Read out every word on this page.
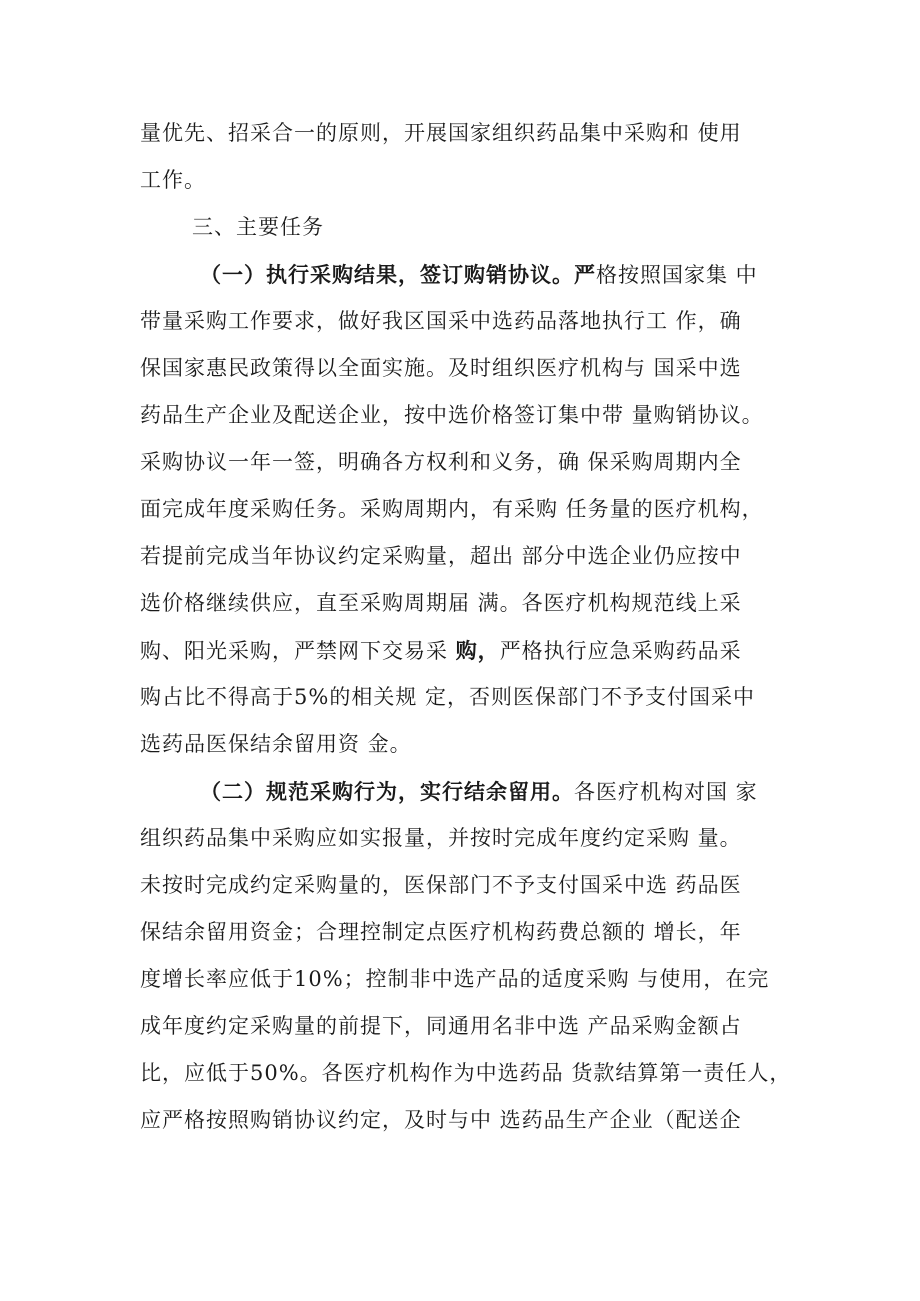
量优先、招采合一的原则，开展国家组织药品集中采购和 使用
工作。
三、主要任务
（一）执行采购结果，签订购销协议。严格按照国家集 中
带量采购工作要求，做好我区国采中选药品落地执行工 作，确
保国家惠民政策得以全面实施。及时组织医疗机构与 国采中选
药品生产企业及配送企业，按中选价格签订集中带 量购销协议。
采购协议一年一签，明确各方权利和义务，确 保采购周期内全
面完成年度采购任务。采购周期内，有采购 任务量的医疗机构，
若提前完成当年协议约定采购量，超出 部分中选企业仍应按中
选价格继续供应，直至采购周期届 满。各医疗机构规范线上采
购、阳光采购，严禁网下交易采 购，严格执行应急采购药品采
购占比不得高于5%的相关规 定，否则医保部门不予支付国采中
选药品医保结余留用资 金。
（二）规范采购行为，实行结余留用。各医疗机构对国 家
组织药品集中采购应如实报量，并按时完成年度约定采购 量。
未按时完成约定采购量的，医保部门不予支付国采中选 药品医
保结余留用资金；合理控制定点医疗机构药费总额的 增长，年
度增长率应低于10%；控制非中选产品的适度采购 与使用，在完
成年度约定采购量的前提下，同通用名非中选 产品采购金额占
比，应低于50%。各医疗机构作为中选药品 货款结算第一责任人，
应严格按照购销协议约定，及时与中 选药品生产企业（配送企
